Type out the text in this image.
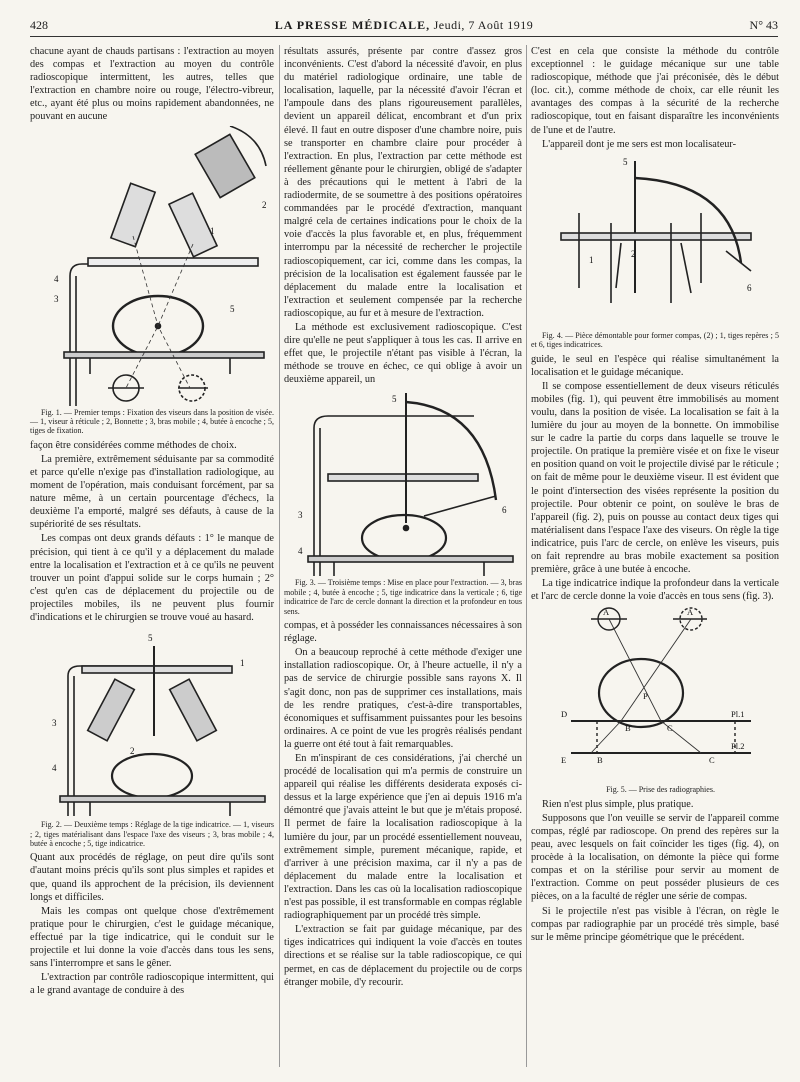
428	LA PRESSE MÉDICALE, Jeudi, 7 Août 1919	N° 43

chacune ayant de chauds partisans : l'extraction au moyen des compas et l'extraction au moyen du contrôle radioscopique intermittent, les autres, telles que l'extraction en chambre noire ou rouge, l'électro-vibreur, etc., ayant été plus ou moins rapidement abandonnées, ne pouvant en aucune

1
2
3
4
5

Fig. 1. — Premier temps : Fixation des viseurs dans la position de visée. — 1, viseur à réticule ; 2, Bonnette ; 3, bras mobile ; 4, butée à encoche ; 5, tiges de fixation.

façon être considérées comme méthodes de choix.

La première, extrêmement séduisante par sa commodité et parce qu'elle n'exige pas d'installation radiologique, au moment de l'opération, mais conduisant forcément, par sa nature même, à un certain pourcentage d'échecs, la deuxième l'a emporté, malgré ses défauts, à cause de la supériorité de ses résultats.

Les compas ont deux grands défauts : 1° le manque de précision, qui tient à ce qu'il y a déplacement du malade entre la localisation et l'extraction et à ce qu'ils ne peuvent trouver un point d'appui solide sur le corps humain ; 2° c'est qu'en cas de déplacement du projectile ou de projectiles mobiles, ils ne peuvent plus fournir d'indications et le chirurgien se trouve voué au hasard.

5
1
2
3
4

Fig. 2. — Deuxième temps : Réglage de la tige indicatrice. — 1, viseurs ; 2, tiges matérialisant dans l'espace l'axe des viseurs ; 3, bras mobile ; 4, butée à encoche ; 5, tige indicatrice.

Quant aux procédés de réglage, on peut dire qu'ils sont d'autant moins précis qu'ils sont plus simples et rapides et que, quand ils approchent de la précision, ils deviennent longs et difficiles.

Mais les compas ont quelque chose d'extrêmement pratique pour le chirurgien, c'est le guidage mécanique, effectué par la tige indicatrice, qui le conduit sur le projectile et lui donne la voie d'accès dans tous les sens, sans l'interrompre et sans le gêner.

L'extraction par contrôle radioscopique intermittent, qui a le grand avantage de conduire à des

résultats assurés, présente par contre d'assez gros inconvénients. C'est d'abord la nécessité d'avoir, en plus du matériel radiologique ordinaire, une table de localisation, laquelle, par la nécessité d'avoir l'écran et l'ampoule dans des plans rigoureusement parallèles, devient un appareil délicat, encombrant et d'un prix élevé. Il faut en outre disposer d'une chambre noire, puis se transporter en chambre claire pour procéder à l'extraction. En plus, l'extraction par cette méthode est réellement gênante pour le chirurgien, obligé de s'adapter à des précautions qui le mettent à l'abri de la radiodermite, de se soumettre à des positions opératoires commandées par le procédé d'extraction, manquant malgré cela de certaines indications pour le choix de la voie d'accès la plus favorable et, en plus, fréquemment interrompu par la nécessité de rechercher le projectile radioscopiquement, car ici, comme dans les compas, la précision de la localisation est également faussée par le déplacement du malade entre la localisation et l'extraction et seulement compensée par la recherche radioscopique, au fur et à mesure de l'extraction.

La méthode est exclusivement radioscopique. C'est dire qu'elle ne peut s'appliquer à tous les cas. Il arrive en effet que, le projectile n'étant pas visible à l'écran, la méthode se trouve en échec, ce qui oblige à avoir un deuxième appareil, un

5
6
3
4

Fig. 3. — Troisième temps : Mise en place pour l'extraction. — 3, bras mobile ; 4, butée à encoche ; 5, tige indicatrice dans la verticale ; 6, tige indicatrice de l'arc de cercle donnant la direction et la profondeur en tous sens.

compas, et à posséder les connaissances nécessaires à son réglage.

On a beaucoup reproché à cette méthode d'exiger une installation radioscopique. Or, à l'heure actuelle, il n'y a pas de service de chirurgie possible sans rayons X. Il s'agit donc, non pas de supprimer ces installations, mais de les rendre pratiques, c'est-à-dire transportables, économiques et suffisamment puissantes pour les besoins ordinaires. A ce point de vue les progrès réalisés pendant la guerre ont été tout à fait remarquables.

En m'inspirant de ces considérations, j'ai cherché un procédé de localisation qui m'a permis de construire un appareil qui réalise les différents desiderata exposés ci-dessus et la large expérience que j'en ai depuis 1916 m'a démontré que j'avais atteint le but que je m'étais proposé. Il permet de faire la localisation radioscopique à la lumière du jour, par un procédé essentiellement nouveau, extrêmement simple, purement mécanique, rapide, et d'arriver à une précision maxima, car il n'y a pas de déplacement du malade entre la localisation et l'extraction. Dans les cas où la localisation radioscopique n'est pas possible, il est transformable en compas réglable radiographiquement par un procédé très simple.

L'extraction se fait par guidage mécanique, par des tiges indicatrices qui indiquent la voie d'accès en toutes directions et se réalise sur la table radioscopique, ce qui permet, en cas de déplacement du projectile ou de corps étranger mobile, d'y recourir.

C'est en cela que consiste la méthode du contrôle exceptionnel : le guidage mécanique sur une table radioscopique, méthode que j'ai préconisée, dès le début (loc. cit.), comme méthode de choix, car elle réunit les avantages des compas à la sécurité de la recherche radioscopique, tout en faisant disparaître les inconvénients de l'une et de l'autre.

L'appareil dont je me sers est mon localisateur-

5
2
1
6

Fig. 4. — Pièce démontable pour former compas, (2) ; 1, tiges repères ; 5 et 6, tiges indicatrices.

guide, le seul en l'espèce qui réalise simultanément la localisation et le guidage mécanique.

Il se compose essentiellement de deux viseurs réticulés mobiles (fig. 1), qui peuvent être immobilisés au moment voulu, dans la position de visée. La localisation se fait à la lumière du jour au moyen de la bonnette. On immobilise sur le cadre la partie du corps dans laquelle se trouve le projectile. On pratique la première visée et on fixe le viseur en position quand on voit le projectile divisé par le réticule ; on fait de même pour le deuxième viseur. Il est évident que le point d'intersection des visées représente la position du projectile. Pour obtenir ce point, on soulève le bras de l'appareil (fig. 2), puis on pousse au contact deux tiges qui matérialisent dans l'espace l'axe des viseurs. On règle la tige indicatrice, puis l'arc de cercle, on enlève les viseurs, puis on fait reprendre au bras mobile exactement sa position première, grâce à une butée à encoche.

La tige indicatrice indique la profondeur dans la verticale et l'arc de cercle donne la voie d'accès en tous sens (fig. 3).

A	A
P
D
B	C
E	B	C
Pl.1
Pl.2

Fig. 5. — Prise des radiographies.

Rien n'est plus simple, plus pratique.

Supposons que l'on veuille se servir de l'appareil comme compas, réglé par radioscope. On prend des repères sur la peau, avec lesquels on fait coïncider les tiges (fig. 4), on procède à la localisation, on démonte la pièce qui forme compas et on la stérilise pour servir au moment de l'extraction. Comme on peut posséder plusieurs de ces pièces, on a la faculté de régler une série de compas.

Si le projectile n'est pas visible à l'écran, on règle le compas par radiographie par un procédé très simple, basé sur le même principe géométrique que le précédent.
